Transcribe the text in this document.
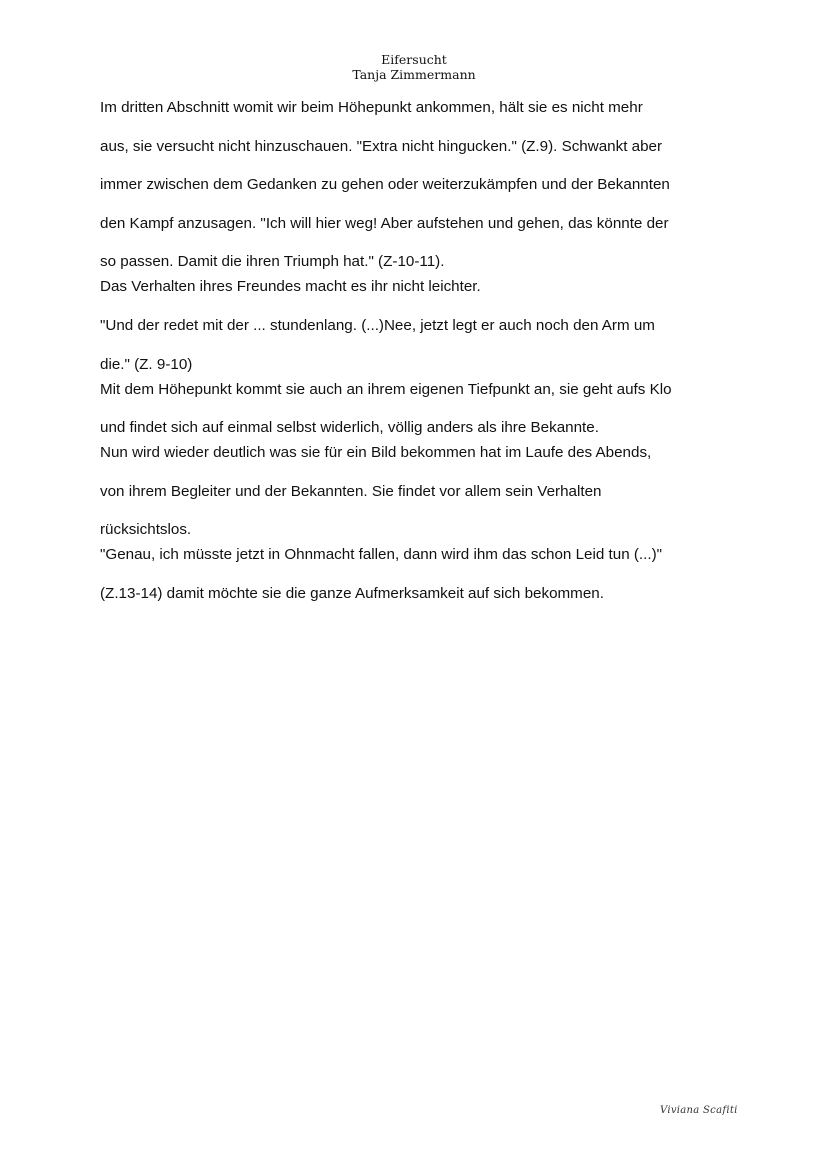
Eifersucht
Tanja Zimmermann
Im dritten Abschnitt womit wir beim Höhepunkt ankommen, hält sie es nicht mehr
aus, sie versucht nicht hinzuschauen. "Extra nicht hingucken." (Z.9). Schwankt aber
immer zwischen dem Gedanken zu gehen oder weiterzukämpfen und der Bekannten
den Kampf anzusagen. "Ich will hier weg! Aber aufstehen und gehen, das könnte der
so passen. Damit die ihren Triumph hat." (Z-10-11).
Das Verhalten ihres Freundes macht es ihr nicht leichter.
"Und der redet mit der ... stundenlang. (...)Nee, jetzt legt er auch noch den Arm um
die." (Z. 9-10)
Mit dem Höhepunkt kommt sie auch an ihrem eigenen Tiefpunkt an, sie geht aufs Klo
und findet sich auf einmal selbst widerlich, völlig anders als ihre Bekannte.
Nun wird wieder deutlich was sie für ein Bild bekommen hat im Laufe des Abends,
von ihrem Begleiter und der Bekannten. Sie findet vor allem sein Verhalten
rücksichtslos.
"Genau, ich müsste jetzt in Ohnmacht fallen, dann wird ihm das schon Leid tun (...)"
(Z.13-14) damit möchte sie die ganze Aufmerksamkeit auf sich bekommen.
Viviana Scafiti
